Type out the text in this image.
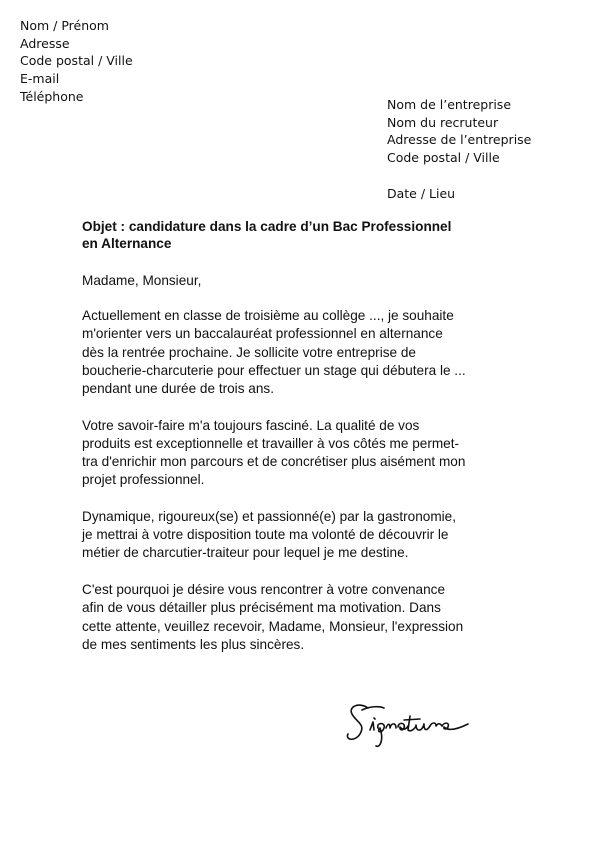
Nom / Prénom
Adresse
Code postal / Ville
E-mail
Téléphone
Nom de l’entreprise
Nom du recruteur
Adresse de l’entreprise
Code postal / Ville
Date / Lieu
Objet : candidature dans la cadre d’un Bac Professionnel
en Alternance
Madame, Monsieur,
Actuellement en classe de troisième au collège ..., je souhaite
m'orienter vers un baccalauréat professionnel en alternance
dès la rentrée prochaine. Je sollicite votre entreprise de
boucherie-charcuterie pour effectuer un stage qui débutera le ...
pendant une durée de trois ans.
Votre savoir-faire m'a toujours fasciné. La qualité de vos
produits est exceptionnelle et travailler à vos côtés me permet-
tra d'enrichir mon parcours et de concrétiser plus aisément mon
projet professionnel.
Dynamique, rigoureux(se) et passionné(e) par la gastronomie,
je mettrai à votre disposition toute ma volonté de découvrir le
métier de charcutier-traiteur pour lequel je me destine.
C'est pourquoi je désire vous rencontrer à votre convenance
afin de vous détailler plus précisément ma motivation. Dans
cette attente, veuillez recevoir, Madame, Monsieur, l'expression
de mes sentiments les plus sincères.
